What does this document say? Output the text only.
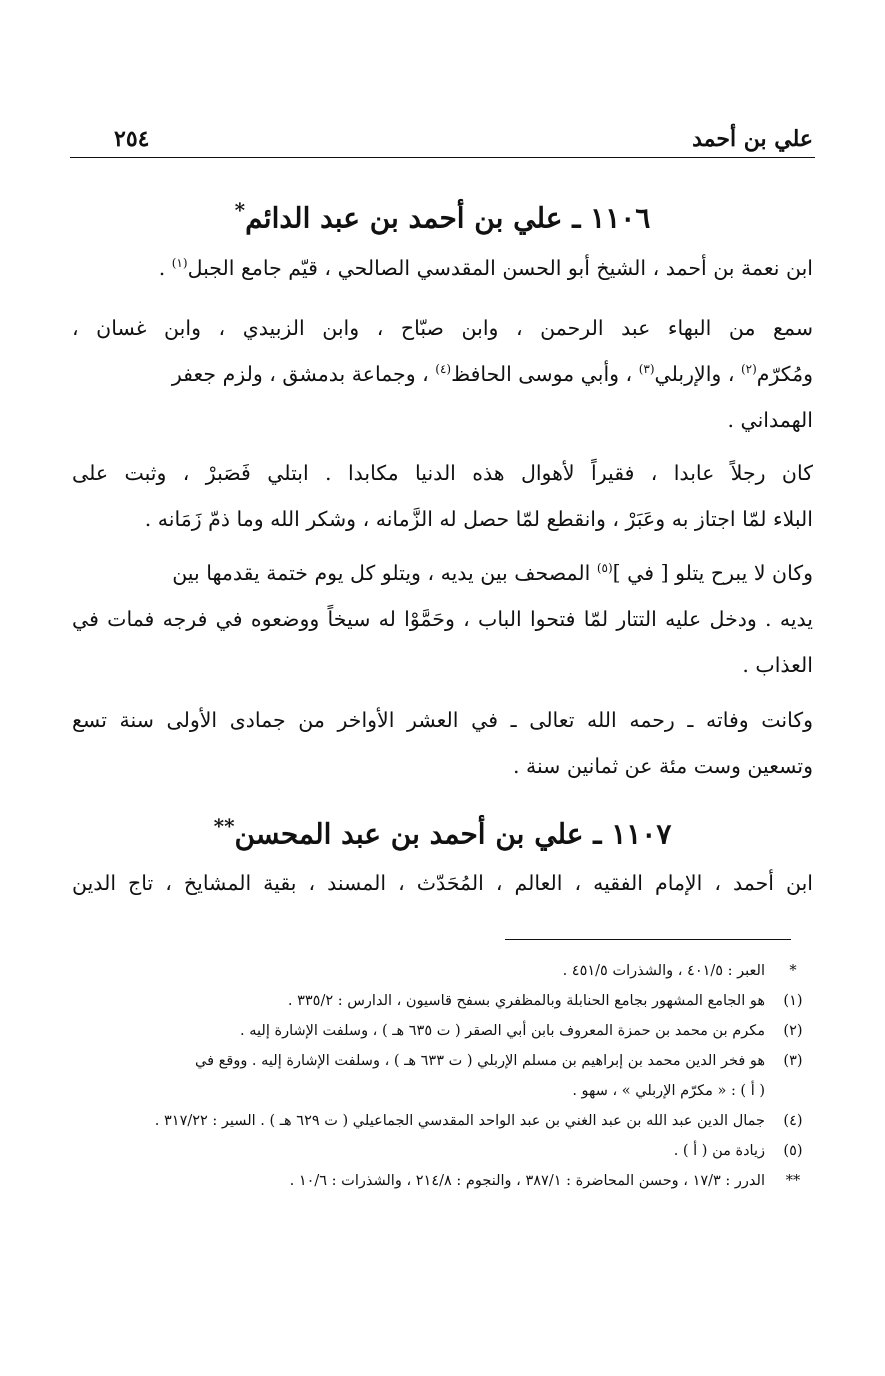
علي بن أحمد
٢٥٤
١١٠٦ ـ علي بن أحمد بن عبد الدائم*
ابن نعمة بن أحمد ، الشيخ أبو الحسن المقدسي الصالحي ، قيّم جامع الجبل$^{(١)}$ .
سمع من البهاء عبد الرحمن ، وابن صبّاح ، وابن الزبيدي ، وابن غسان ،
ومُكرّم$^{(٢)}$ ، والإربلي$^{(٣)}$ ، وأبي موسى الحافظ$^{(٤)}$ ، وجماعة بدمشق ، ولزم جعفر
الهمداني .
كان رجلاً عابدا ، فقيراً لأهوال هذه الدنيا مكابدا . ابتلي فَصَبرْ ، وثبت على
البلاء لمّا اجتاز به وعَبَرْ ، وانقطع لمّا حصل له الزَّمانه ، وشكر الله وما ذمّ زَمَانه .
وكان لا يبرح يتلو [ في ]$^{(٥)}$ المصحف بين يديه ، ويتلو كل يوم ختمة يقدمها بين
يديه . ودخل عليه التتار لمّا فتحوا الباب ، وحَمَّوْا له سيخاً ووضعوه في فرجه فمات في
العذاب .
وكانت وفاته ـ رحمه الله تعالى ـ في العشر الأواخر من جمادى الأولى سنة تسع
وتسعين وست مئة عن ثمانين سنة .
١١٠٧ ـ علي بن أحمد بن عبد المحسن**
ابن أحمد ، الإمام الفقيه ، العالم ، المُحَدّث ، المسند ، بقية المشايخ ، تاج الدين
*
العبر : ٤٠١/٥ ، والشذرات ٤٥١/٥ .
(١)
هو الجامع المشهور بجامع الحنابلة وبالمظفري بسفح قاسيون ، الدارس : ٣٣٥/٢ .
(٢)
مكرم بن محمد بن حمزة المعروف بابن أبي الصقر ( ت ٦٣٥ هـ ) ، وسلفت الإشارة إليه .
(٣)
هو فخر الدين محمد بن إبراهيم بن مسلم الإربلي ( ت ٦٣٣ هـ ) ، وسلفت الإشارة إليه . ووقع في
( أ ) : « مكرّم الإربلي » ، سهو .
(٤)
جمال الدين عبد الله بن عبد الغني بن عبد الواحد المقدسي الجماعيلي ( ت ٦٢٩ هـ ) . السير : ٣١٧/٢٢ .
(٥)
زيادة من ( أ ) .
**
الدرر : ١٧/٣ ، وحسن المحاضرة : ٣٨٧/١ ، والنجوم : ٢١٤/٨ ، والشذرات : ١٠/٦ .
